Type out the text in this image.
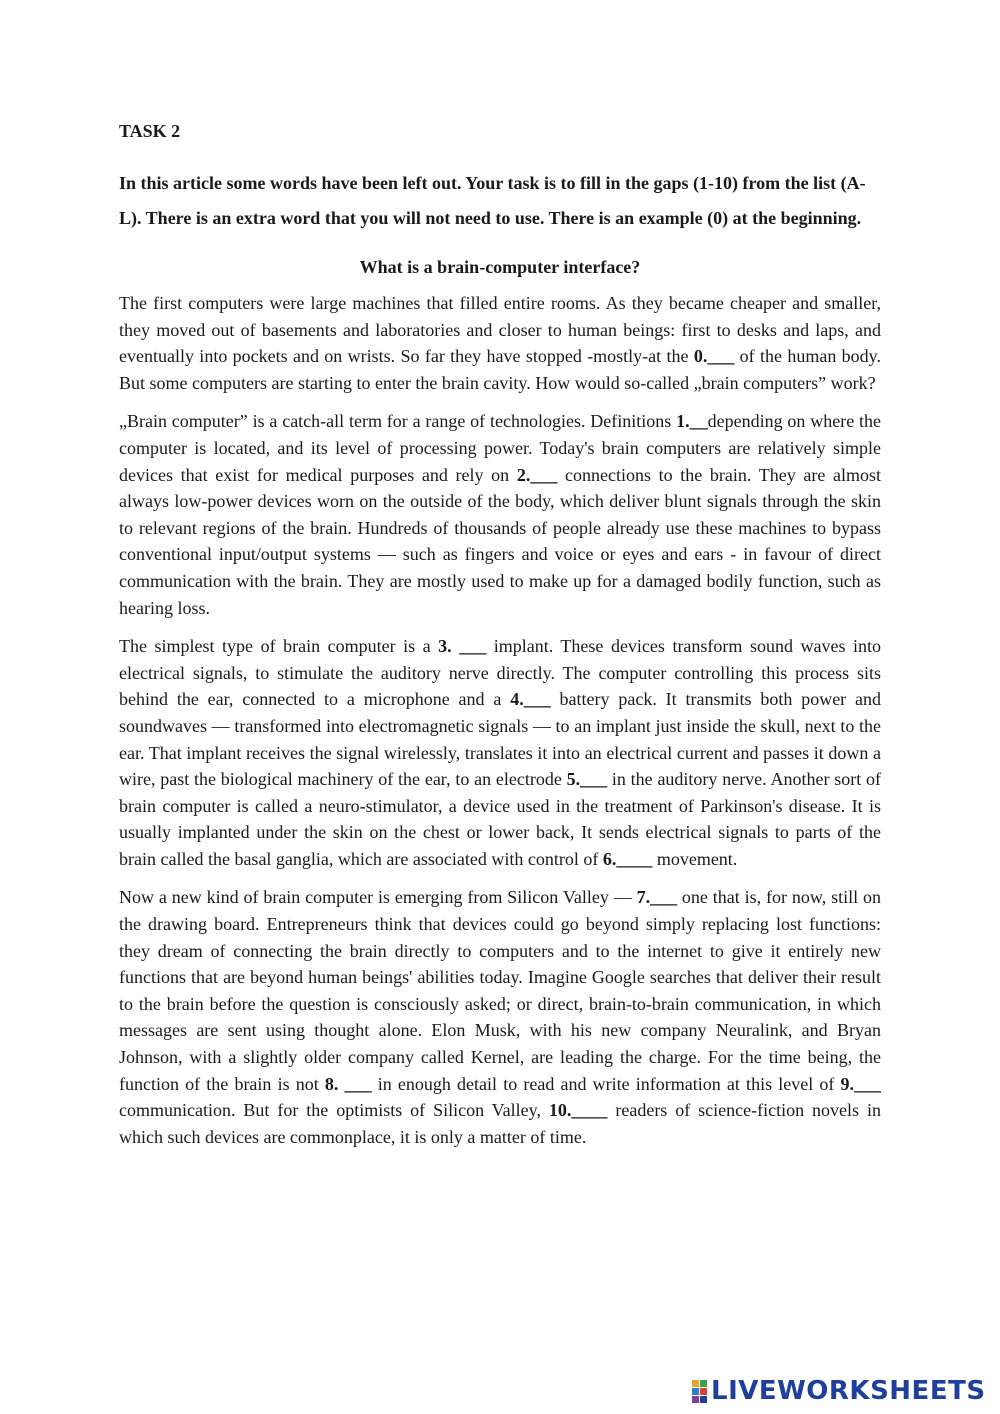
TASK 2
In this article some words have been left out. Your task is to fill in the gaps (1-10) from the list (A-L). There is an extra word that you will not need to use. There is an example (0) at the beginning.
What is a brain-computer interface?

The first computers were large machines that filled entire rooms. As they became cheaper and smaller, they moved out of basements and laboratories and closer to human beings: first to desks and laps, and eventually into pockets and on wrists. So far they have stopped -mostly-at the 0.___ of the human body. But some computers are starting to enter the brain cavity. How would so-called „brain computers” work?

„Brain computer” is a catch-all term for a range of technologies. Definitions 1.__depending on where the computer is located, and its level of processing power. Today's brain computers are relatively simple devices that exist for medical purposes and rely on 2.___ connections to the brain. They are almost always low-power devices worn on the outside of the body, which deliver blunt signals through the skin to relevant regions of the brain. Hundreds of thousands of people already use these machines to bypass conventional input/output systems — such as fingers and voice or eyes and ears - in favour of direct communication with the brain. They are mostly used to make up for a damaged bodily function, such as hearing loss.

The simplest type of brain computer is a 3. ___ implant. These devices transform sound waves into electrical signals, to stimulate the auditory nerve directly. The computer controlling this process sits behind the ear, connected to a microphone and a 4.___ battery pack. It transmits both power and soundwaves — transformed into electromagnetic signals — to an implant just inside the skull, next to the ear. That implant receives the signal wirelessly, translates it into an electrical current and passes it down a wire, past the biological machinery of the ear, to an electrode 5.___ in the auditory nerve. Another sort of brain computer is called a neuro-stimulator, a device used in the treatment of Parkinson's disease. It is usually implanted under the skin on the chest or lower back, It sends electrical signals to parts of the brain called the basal ganglia, which are associated with control of 6.____ movement.

Now a new kind of brain computer is emerging from Silicon Valley — 7.___ one that is, for now, still on the drawing board. Entrepreneurs think that devices could go beyond simply replacing lost functions: they dream of connecting the brain directly to computers and to the internet to give it entirely new functions that are beyond human beings' abilities today. Imagine Google searches that deliver their result to the brain before the question is consciously asked; or direct, brain-to-brain communication, in which messages are sent using thought alone. Elon Musk, with his new company Neuralink, and Bryan Johnson, with a slightly older company called Kernel, are leading the charge. For the time being, the function of the brain is not 8. ___ in enough detail to read and write information at this level of 9.___ communication. But for the optimists of Silicon Valley, 10.____ readers of science-fiction novels in which such devices are commonplace, it is only a matter of time.

LIVEWORKSHEETS
